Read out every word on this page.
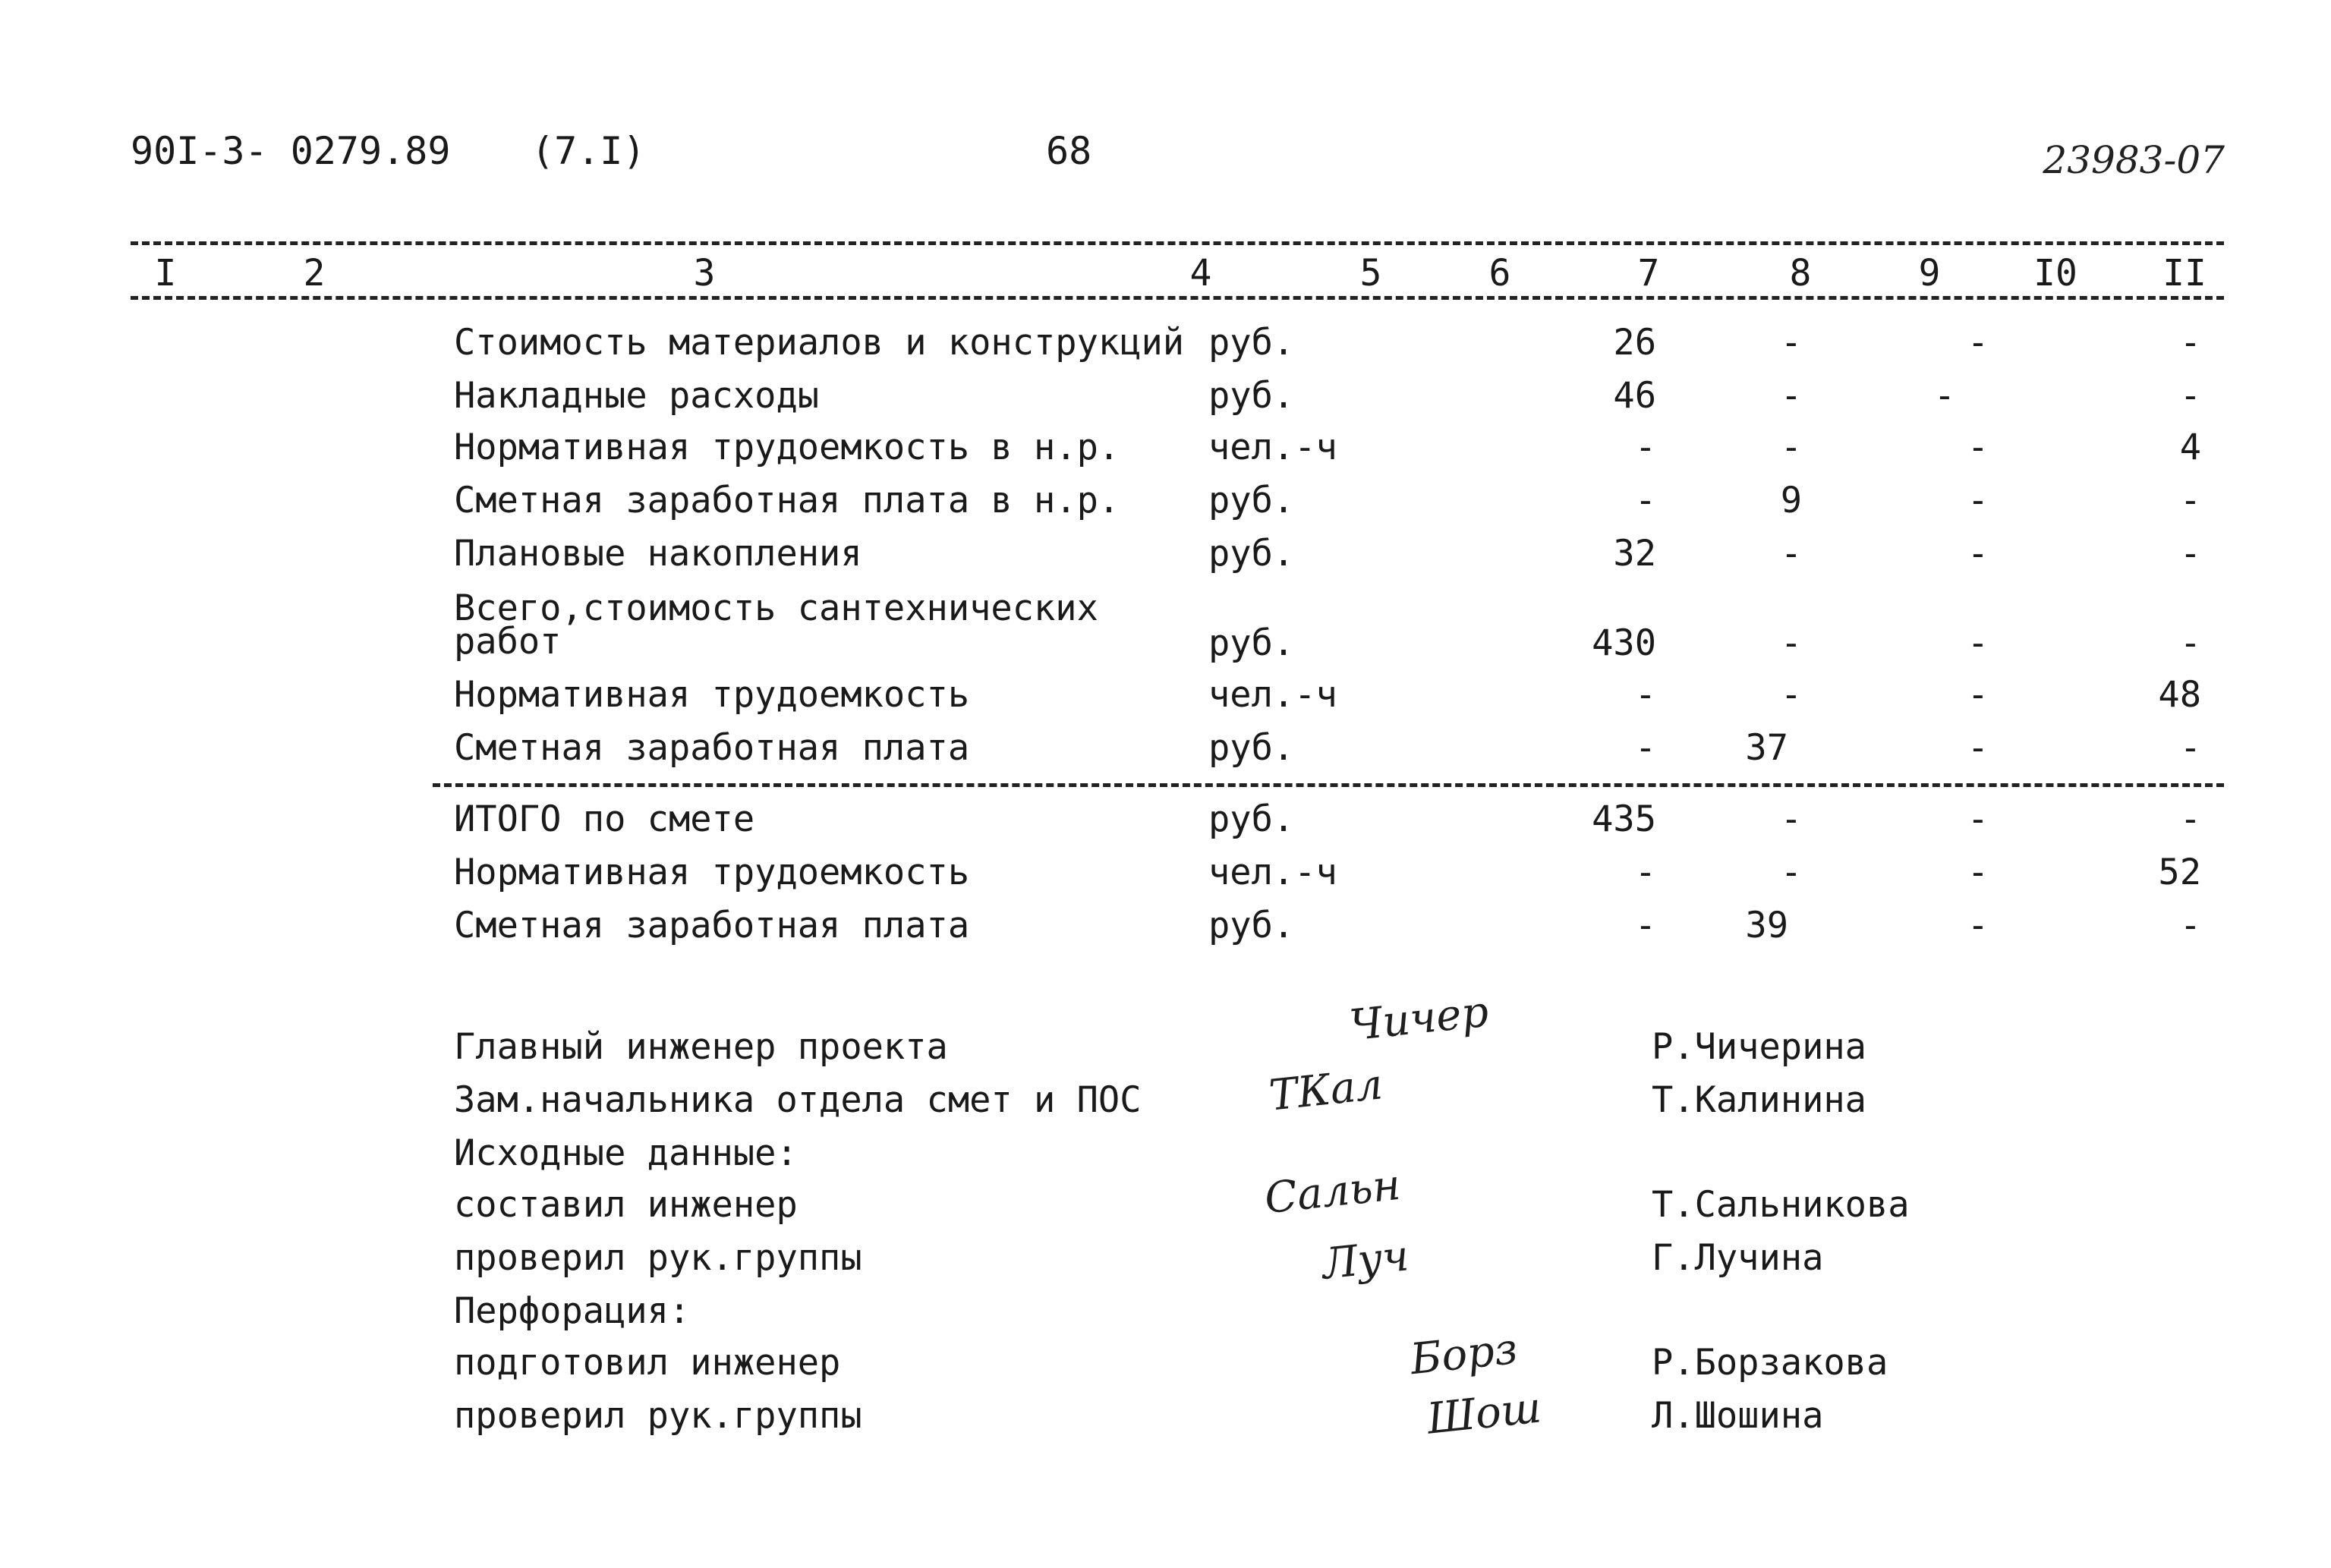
90I-3- 0279.89 (7.I)	68	23983-07
I	2	3	4	5	6	7	8	9	I0	II
Стоимость материалов и конструкций руб.	26	-	-	-
Накладные расходы	руб.	46	-	-	-
Нормативная трудоемкость в н.р. чел.-ч	-	-	-	4
Сметная заработная плата в н.р. руб.	-	9	-	-
Плановые накопления	руб.	32	-	-	-
Всего,стоимость сантехнических
работ	руб.	430	-	-	-
Нормативная трудоемкость	чел.-ч	-	-	-	48
Сметная заработная плата	руб.	-	37	-	-
ИТОГО по смете	руб.	435	-	-	-
Нормативная трудоемкость	чел.-ч	-	-	-	52
Сметная заработная плата	руб.	-	39	-	-
Главный инженер проекта	Р.Чичерина
Чичер
Зам.начальника отдела смет и ПОС	Т.Калинина
ТКал
Исходные данные:
составил инженер	Т.Сальникова
Сальн
проверил рук.группы	Г.Лучина
Луч
Перфорация:
подготовил инженер	Р.Борзакова
Борз
проверил рук.группы	Л.Шошина
Шош
